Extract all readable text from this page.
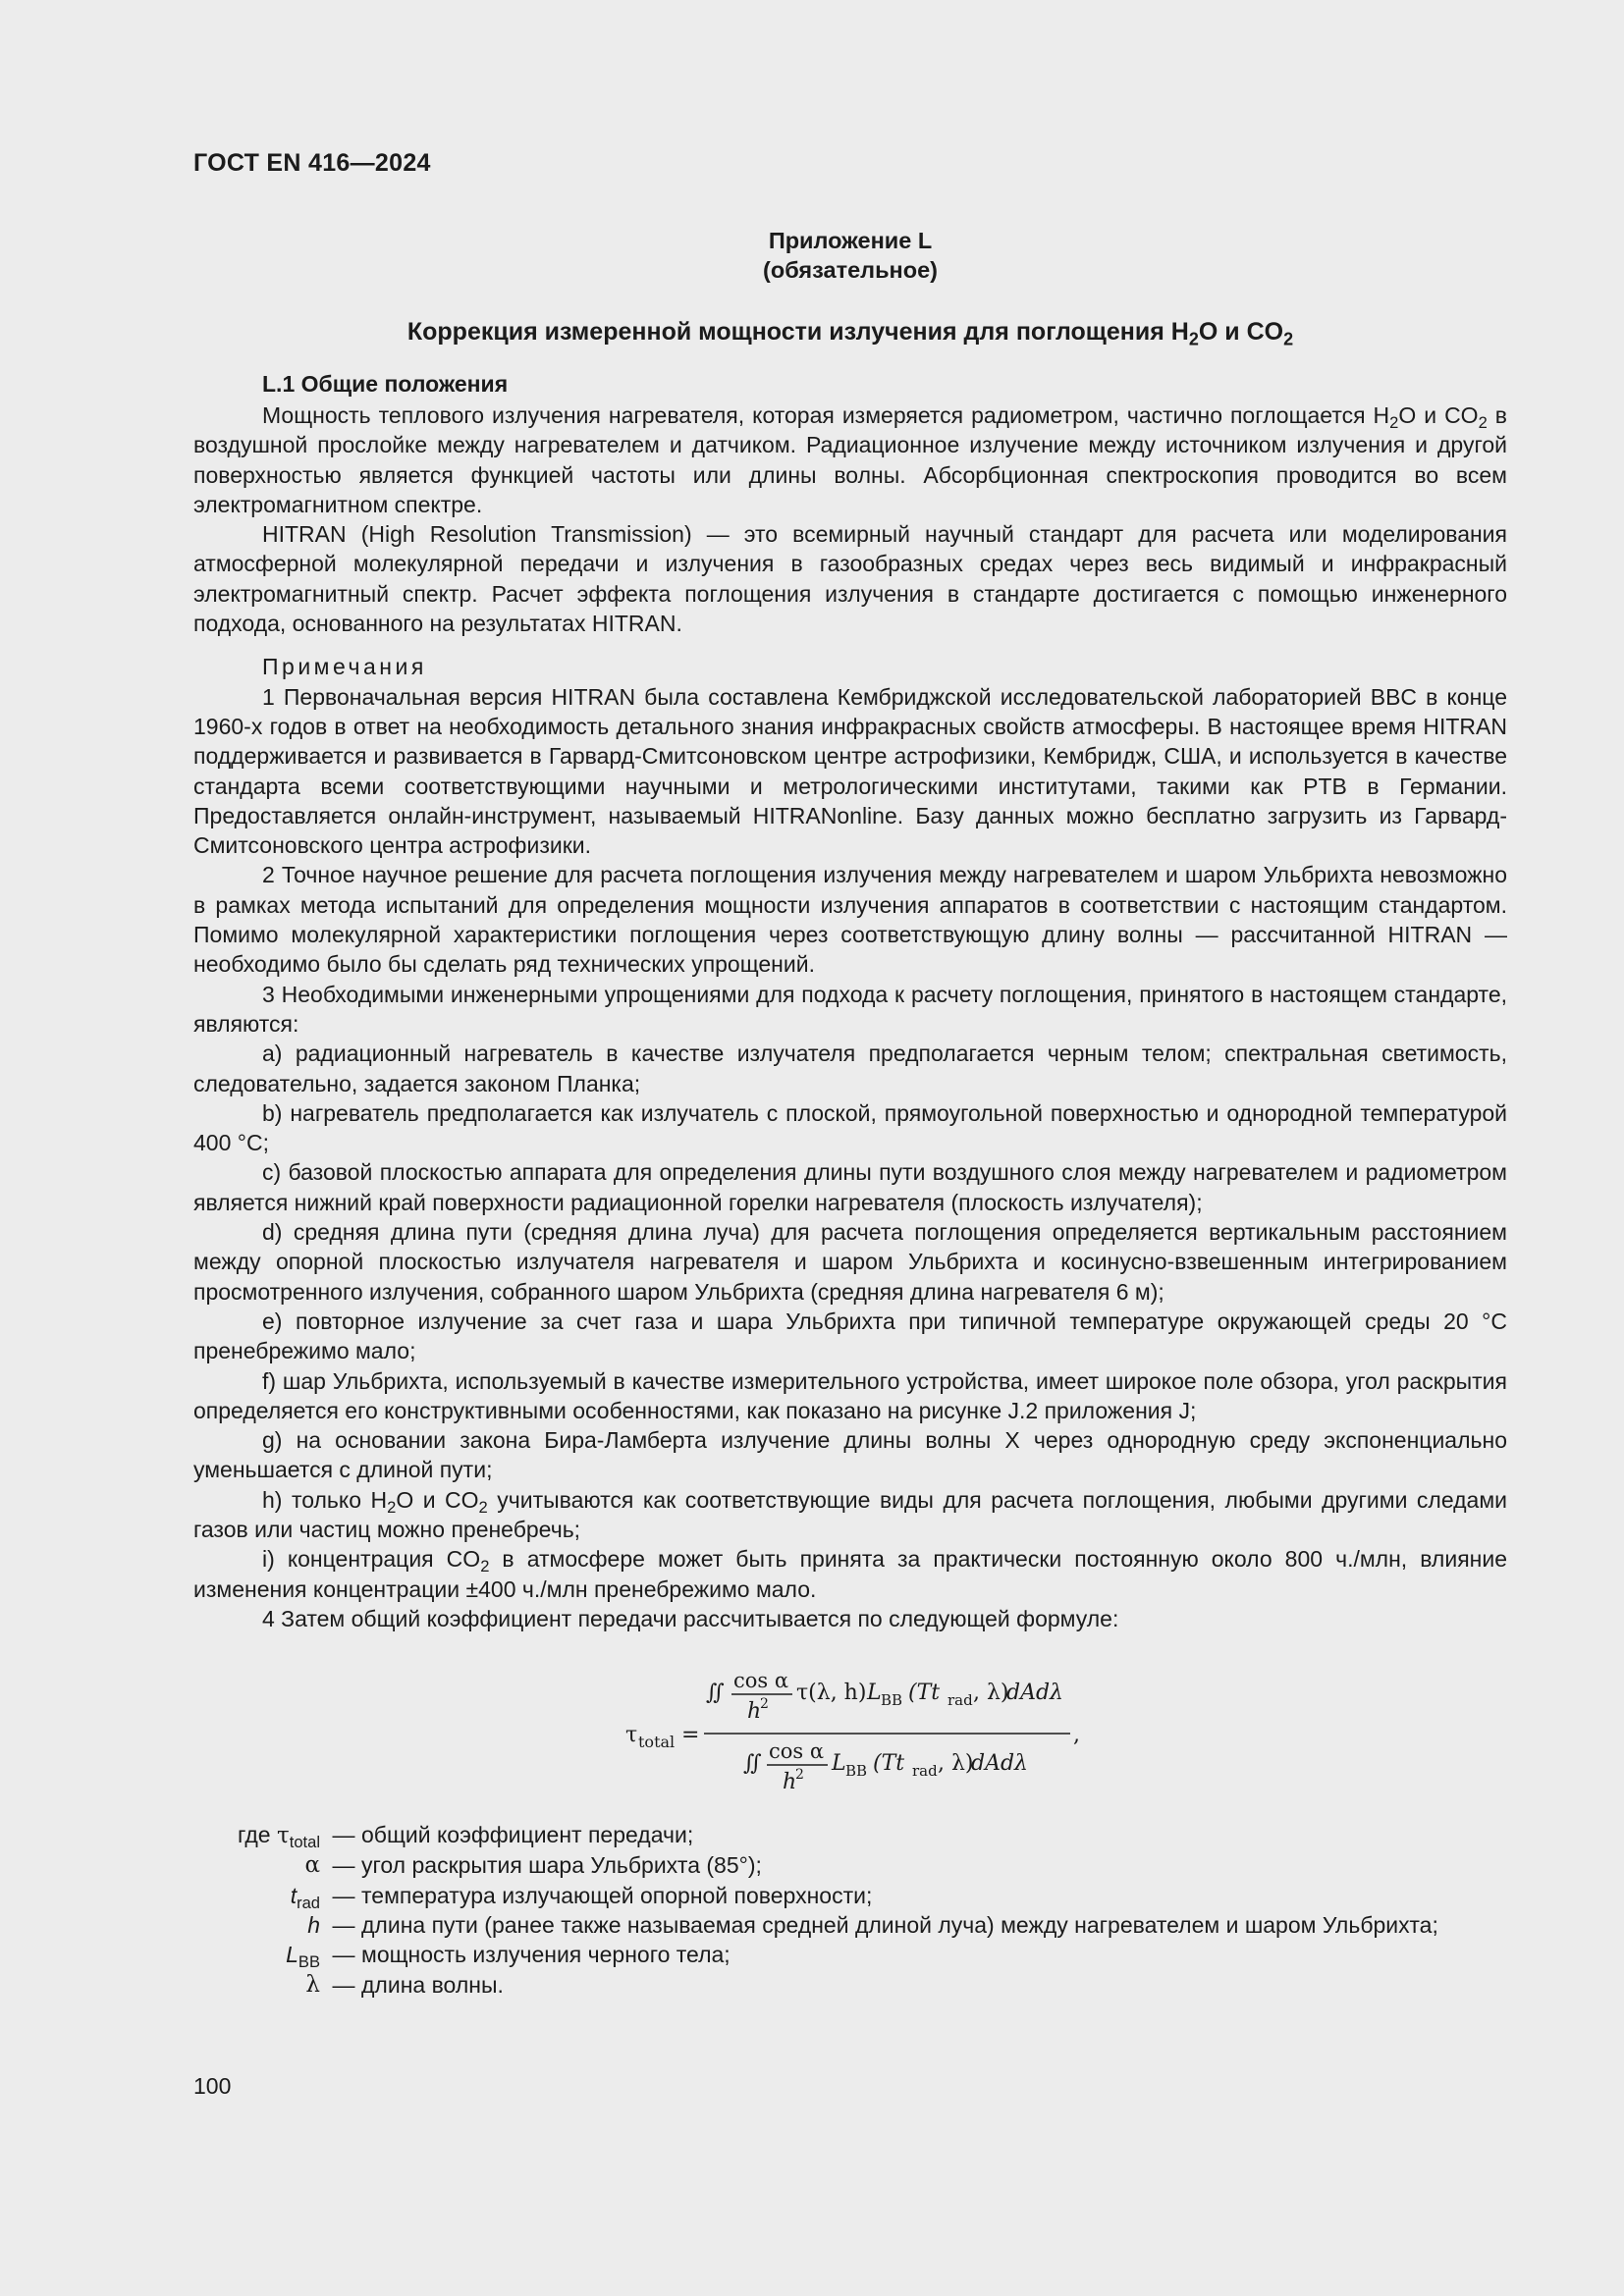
ГОСТ EN 416—2024
Приложение L
(обязательное)
Коррекция измеренной мощности излучения для поглощения $H_2O$ и $CO_2$
L.1 Общие положения

Мощность теплового излучения нагревателя, которая измеряется радиометром, частично поглощается $H_2O$ и $CO_2$ в воздушной прослойке между нагревателем и датчиком. Радиационное излучение между источником излучения и другой поверхностью является функцией частоты или длины волны. Абсорбционная спектроскопия проводится во всем электромагнитном спектре.

HITRAN (High Resolution Transmission) — это всемирный научный стандарт для расчета или моделирования атмосферной молекулярной передачи и излучения в газообразных средах через весь видимый и инфракрасный электромагнитный спектр. Расчет эффекта поглощения излучения в стандарте достигается с помощью инженерного подхода, основанного на результатах HITRAN.

Примечания

1 Первоначальная версия HITRAN была составлена Кембриджской исследовательской лабораторией BBC в конце 1960-х годов в ответ на необходимость детального знания инфракрасных свойств атмосферы. В настоящее время HITRAN поддерживается и развивается в Гарвард-Смитсоновском центре астрофизики, Кембридж, США, и используется в качестве стандарта всеми соответствующими научными и метрологическими институтами, такими как PTB в Германии. Предоставляется онлайн-инструмент, называемый HITRANonline. Базу данных можно бесплатно загрузить из Гарвард-Смитсоновского центра астрофизики.

2 Точное научное решение для расчета поглощения излучения между нагревателем и шаром Ульбрихта невозможно в рамках метода испытаний для определения мощности излучения аппаратов в соответствии с настоящим стандартом. Помимо молекулярной характеристики поглощения через соответствующую длину волны — рассчитанной HITRAN — необходимо было бы сделать ряд технических упрощений.

3 Необходимыми инженерными упрощениями для подхода к расчету поглощения, принятого в настоящем стандарте, являются:

a) радиационный нагреватель в качестве излучателя предполагается черным телом; спектральная светимость, следовательно, задается законом Планка;

b) нагреватель предполагается как излучатель с плоской, прямоугольной поверхностью и однородной температурой 400 °C;

c) базовой плоскостью аппарата для определения длины пути воздушного слоя между нагревателем и радиометром является нижний край поверхности радиационной горелки нагревателя (плоскость излучателя);

d) средняя длина пути (средняя длина луча) для расчета поглощения определяется вертикальным расстоянием между опорной плоскостью излучателя нагревателя и шаром Ульбрихта и косинусно-взвешенным интегрированием просмотренного излучения, собранного шаром Ульбрихта (средняя длина нагревателя 6 м);

e) повторное излучение за счет газа и шара Ульбрихта при типичной температуре окружающей среды 20 °C пренебрежимо мало;

f) шар Ульбрихта, используемый в качестве измерительного устройства, имеет широкое поле обзора, угол раскрытия определяется его конструктивными особенностями, как показано на рисунке J.2 приложения J;

g) на основании закона Бира-Ламберта излучение длины волны X через однородную среду экспоненциально уменьшается с длиной пути;

h) только $H_2O$ и $CO_2$ учитываются как соответствующие виды для расчета поглощения, любыми другими следами газов или частиц можно пренебречь;

i) концентрация $CO_2$ в атмосфере может быть принята за практически постоянную около 800 ч./млн, влияние изменения концентрации ±400 ч./млн пренебрежимо мало.

4 Затем общий коэффициент передачи рассчитывается по следующей формуле:

τ total =
∬ cos α
h
2 τ(λ, h) L BB (Tt rad , λ)
dAdλ
,
∬ cos α
h
2 L BB (Tt rad , λ)
dAdλ
где $\tau_{total}$ — общий коэффициент передачи;
α — угол раскрытия шара Ульбрихта (85°);
$t_{rad}$ — температура излучающей опорной поверхности;
h — длина пути (ранее также называемая средней длиной луча) между нагревателем и шаром Ульбрихта;
$L_{BB}$ — мощность излучения черного тела;
λ — длина волны.
100
